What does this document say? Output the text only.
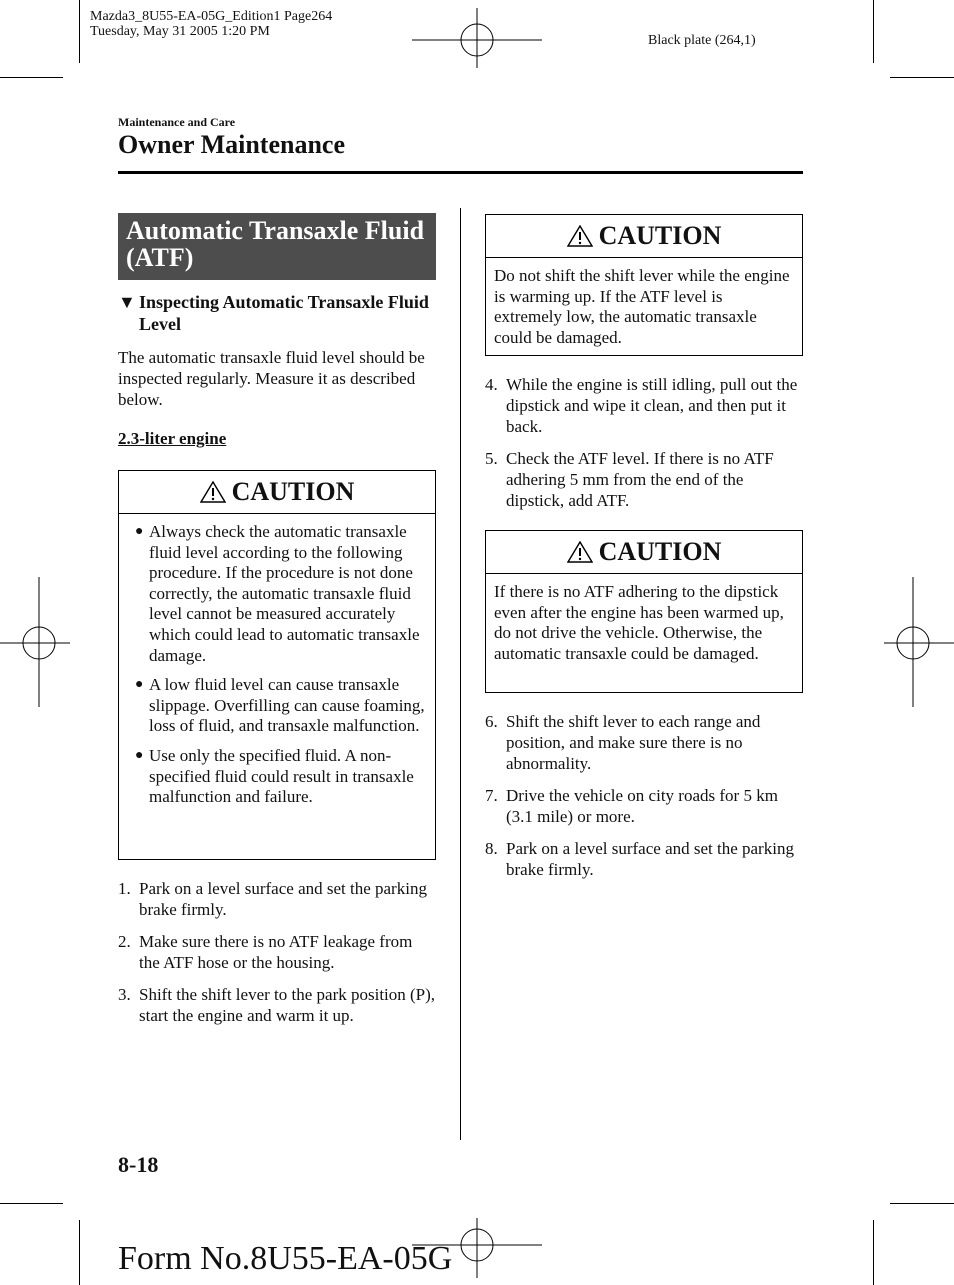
Mazda3_8U55-EA-05G_Edition1 Page264
Tuesday, May 31 2005 1:20 PM
Black plate (264,1)
Maintenance and Care
Owner Maintenance
Automatic Transaxle Fluid (ATF)
▼ Inspecting Automatic Transaxle Fluid Level
The automatic transaxle fluid level should be inspected regularly. Measure it as described below.
2.3-liter engine
CAUTION
● Always check the automatic transaxle fluid level according to the following procedure. If the procedure is not done correctly, the automatic transaxle fluid level cannot be measured accurately which could lead to automatic transaxle damage.
● A low fluid level can cause transaxle slippage. Overfilling can cause foaming, loss of fluid, and transaxle malfunction.
● Use only the specified fluid. A non-specified fluid could result in transaxle malfunction and failure.
1. Park on a level surface and set the parking brake firmly.
2. Make sure there is no ATF leakage from the ATF hose or the housing.
3. Shift the shift lever to the park position (P), start the engine and warm it up.
CAUTION
Do not shift the shift lever while the engine is warming up. If the ATF level is extremely low, the automatic transaxle could be damaged.
4. While the engine is still idling, pull out the dipstick and wipe it clean, and then put it back.
5. Check the ATF level. If there is no ATF adhering 5 mm from the end of the dipstick, add ATF.
CAUTION
If there is no ATF adhering to the dipstick even after the engine has been warmed up, do not drive the vehicle. Otherwise, the automatic transaxle could be damaged.
6. Shift the shift lever to each range and position, and make sure there is no abnormality.
7. Drive the vehicle on city roads for 5 km (3.1 mile) or more.
8. Park on a level surface and set the parking brake firmly.
8-18
Form No.8U55-EA-05G
